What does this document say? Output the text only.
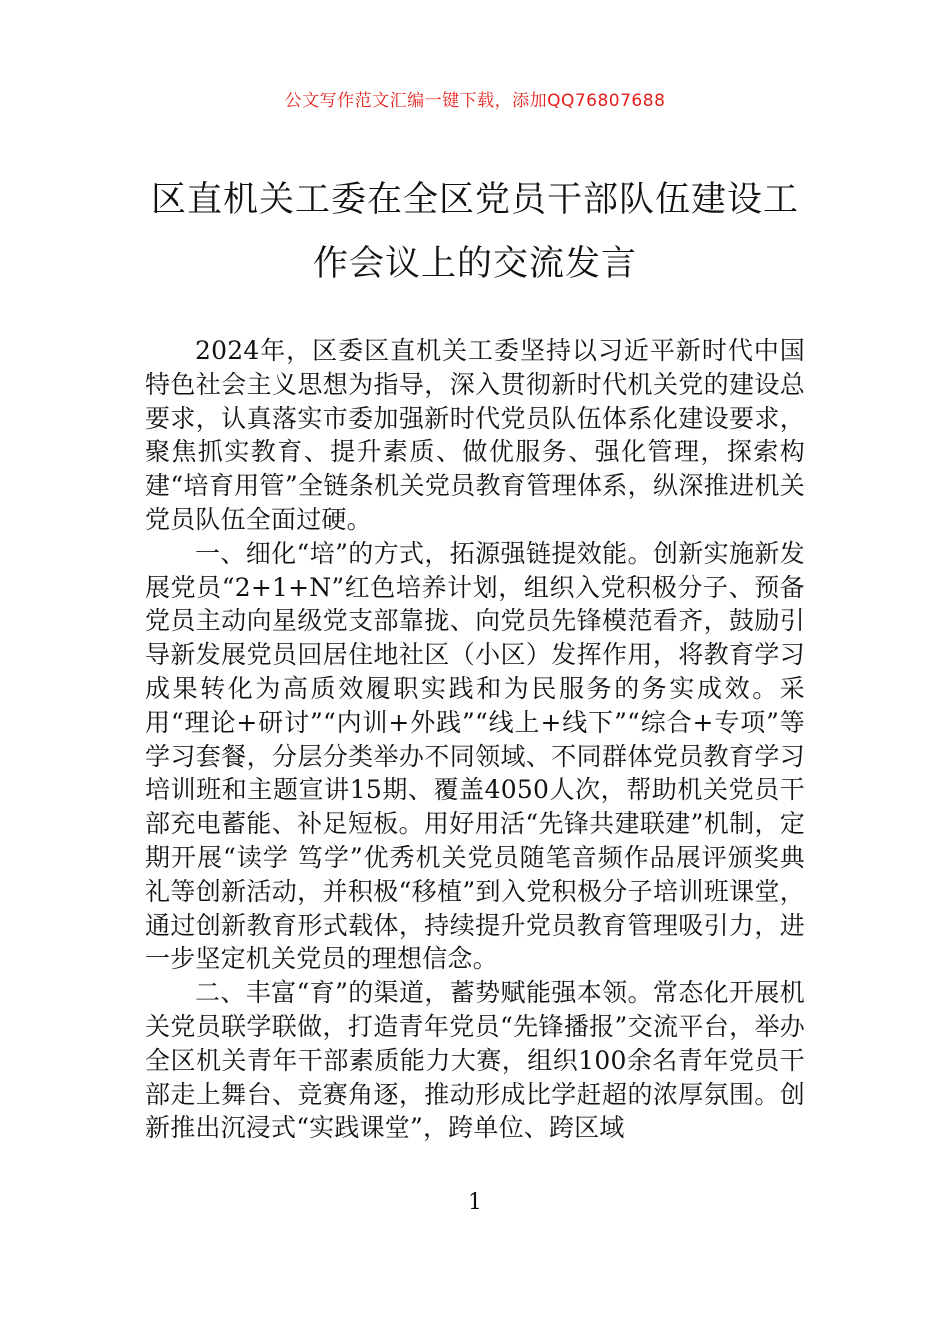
公文写作范文汇编一键下载，添加QQ76807688
区直机关工委在全区党员干部队伍建设工
作会议上的交流发言

2024年，区委区直机关工委坚持以习近平新时代中国特色社会主义思想为指导，深入贯彻新时代机关党的建设总要求，认真落实市委加强新时代党员队伍体系化建设要求，聚焦抓实教育、提升素质、做优服务、强化管理，探索构建“培育用管”全链条机关党员教育管理体系，纵深推进机关党员队伍全面过硬。

一、细化“培”的方式，拓源强链提效能。创新实施新发展党员“2+1+N”红色培养计划，组织入党积极分子、预备党员主动向星级党支部靠拢、向党员先锋模范看齐，鼓励引导新发展党员回居住地社区（小区）发挥作用，将教育学习成果转化为高质效履职实践和为民服务的务实成效。采用“理论+研讨”“内训+外践”“线上+线下”“综合+专项”等学习套餐，分层分类举办不同领域、不同群体党员教育学习培训班和主题宣讲15期、覆盖4050人次，帮助机关党员干部充电蓄能、补足短板。用好用活“先锋共建联建”机制，定期开展“读学 笃学”优秀机关党员随笔音频作品展评颁奖典礼等创新活动，并积极“移植”到入党积极分子培训班课堂，通过创新教育形式载体，持续提升党员教育管理吸引力，进一步坚定机关党员的理想信念。

二、丰富“育”的渠道，蓄势赋能强本领。常态化开展机关党员联学联做，打造青年党员“先锋播报”交流平台，举办全区机关青年干部素质能力大赛，组织100余名青年党员干部走上舞台、竞赛角逐，推动形成比学赶超的浓厚氛围。创新推出沉浸式“实践课堂”，跨单位、跨区域

1
